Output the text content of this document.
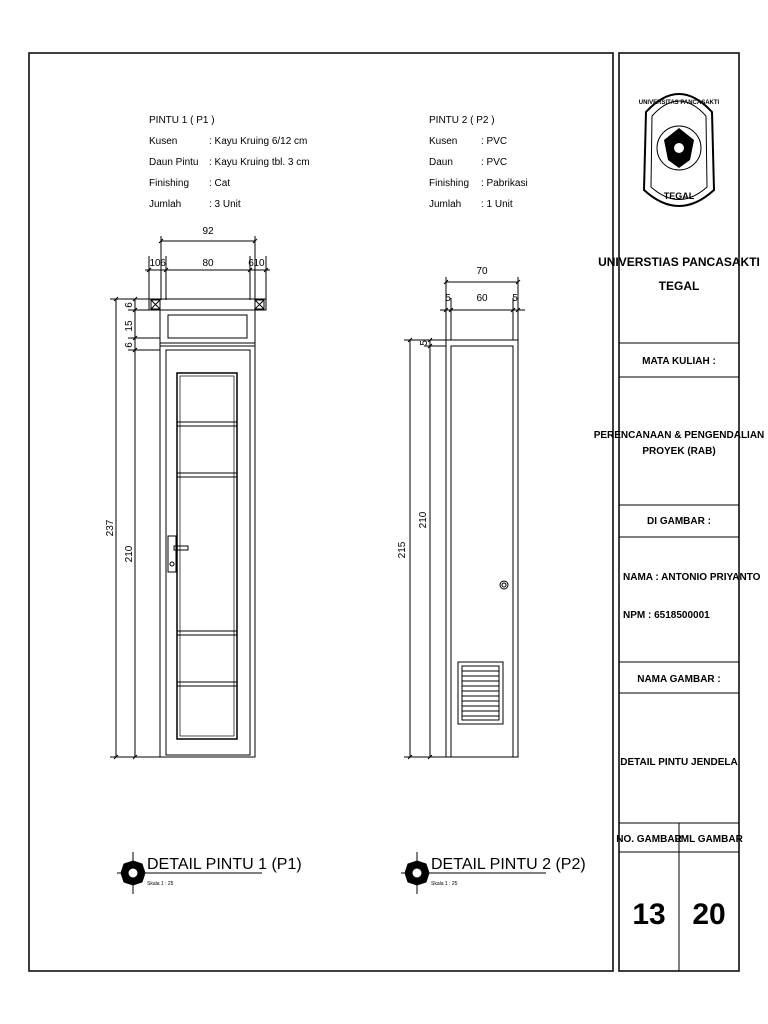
PINTU 1 ( P1 )
Kusen	: Kayu Kruing 6/12 cm
Daun Pintu : Kayu Kruing tbl. 3 cm
Finishing : Cat
Jumlah	: 3 Unit
PINTU 2 ( P2 )
Kusen : PVC
Daun	: PVC
Finishing : Pabrikasi
Jumlah : 1 Unit
92
10 6	80	6 10
6
15
6
237
210
70
5	60 5
5
215
210
DETAIL PINTU 1 (P1)
Skala 1 : 25
DETAIL PINTU 2 (P2)
Skala 1 : 25
UNIVERSITAS PANCASAKTI
TEGAL
UNIVERSTIAS PANCASAKTI
TEGAL
MATA KULIAH :
PERENCANAAN & PENGENDALIAN
PROYEK (RAB)
DI GAMBAR :
NAMA : ANTONIO PRIYANTO
NPM : 6518500001
NAMA GAMBAR :
DETAIL PINTU JENDELA
NO. GAMBAR
JML GAMBAR
13 20
